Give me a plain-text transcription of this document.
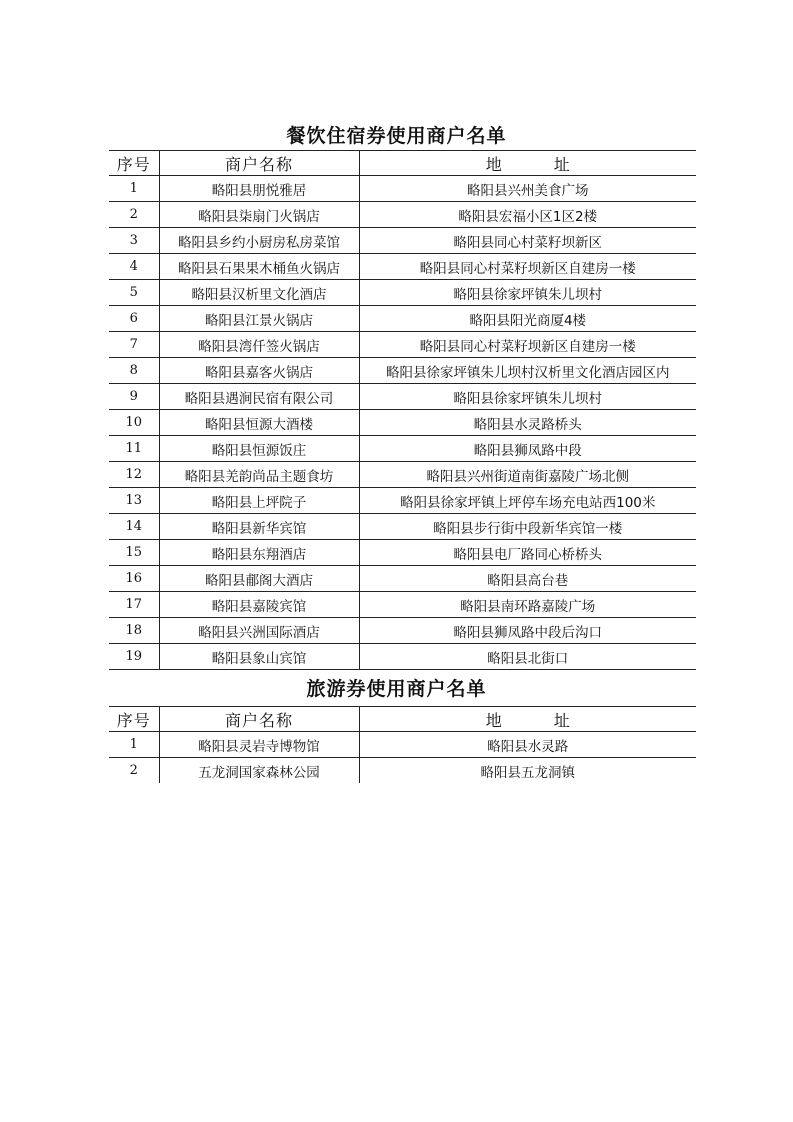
餐饮住宿券使用商户名单
序号	商户名称	地　址
1	略阳县朋悦雅居	略阳县兴州美食广场
2	略阳县柒扇门火锅店	略阳县宏福小区1区2楼
3	略阳县乡约小厨房私房菜馆	略阳县同心村菜籽坝新区
4	略阳县石果果木桶鱼火锅店	略阳县同心村菜籽坝新区自建房一楼
5	略阳县汉析里文化酒店	略阳县徐家坪镇朱儿坝村
6	略阳县江景火锅店	略阳县阳光商厦4楼
7	略阳县湾仟签火锅店	略阳县同心村菜籽坝新区自建房一楼
8	略阳县嘉客火锅店	略阳县徐家坪镇朱儿坝村汉析里文化酒店园区内
9	略阳县遇涧民宿有限公司	略阳县徐家坪镇朱儿坝村
10	略阳县恒源大酒楼	略阳县水灵路桥头
11	略阳县恒源饭庄	略阳县狮凤路中段
12	略阳县羌韵尚品主题食坊	略阳县兴州街道南街嘉陵广场北侧
13	略阳县上坪院子	略阳县徐家坪镇上坪停车场充电站西100米
14	略阳县新华宾馆	略阳县步行街中段新华宾馆一楼
15	略阳县东翔酒店	略阳县电厂路同心桥桥头
16	略阳县郙阁大酒店	略阳县高台巷
17	略阳县嘉陵宾馆	略阳县南环路嘉陵广场
18	略阳县兴洲国际酒店	略阳县狮凤路中段后沟口
19	略阳县象山宾馆	略阳县北街口
旅游券使用商户名单
序号	商户名称	地　址
1	略阳县灵岩寺博物馆	略阳县水灵路
2	五龙洞国家森林公园	略阳县五龙洞镇
